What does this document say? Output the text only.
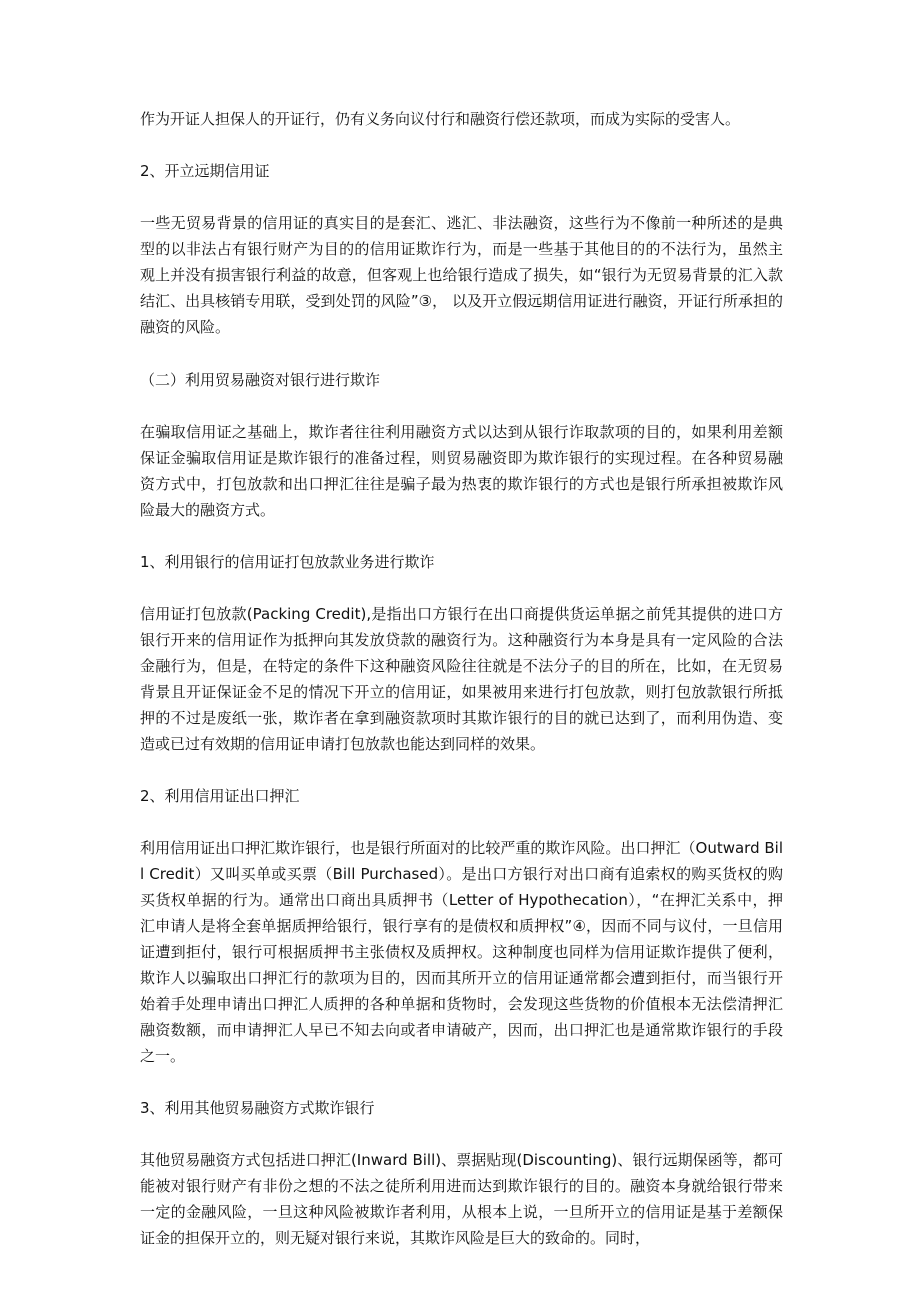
作为开证人担保人的开证行，仍有义务向议付行和融资行偿还款项，而成为实际的受害人。

2、开立远期信用证

一些无贸易背景的信用证的真实目的是套汇、逃汇、非法融资，这些行为不像前一种所述的是典型的以非法占有银行财产为目的的信用证欺诈行为，而是一些基于其他目的的不法行为，虽然主观上并没有损害银行利益的故意，但客观上也给银行造成了损失，如“银行为无贸易背景的汇入款结汇、出具核销专用联，受到处罚的风险”③， 以及开立假远期信用证进行融资，开证行所承担的融资的风险。

（二）利用贸易融资对银行进行欺诈

在骗取信用证之基础上，欺诈者往往利用融资方式以达到从银行诈取款项的目的，如果利用差额保证金骗取信用证是欺诈银行的准备过程，则贸易融资即为欺诈银行的实现过程。在各种贸易融资方式中，打包放款和出口押汇往往是骗子最为热衷的欺诈银行的方式也是银行所承担被欺诈风险最大的融资方式。

1、利用银行的信用证打包放款业务进行欺诈

信用证打包放款(Packing Credit),是指出口方银行在出口商提供货运单据之前凭其提供的进口方银行开来的信用证作为抵押向其发放贷款的融资行为。这种融资行为本身是具有一定风险的合法金融行为，但是，在特定的条件下这种融资风险往往就是不法分子的目的所在，比如，在无贸易背景且开证保证金不足的情况下开立的信用证，如果被用来进行打包放款，则打包放款银行所抵押的不过是废纸一张，欺诈者在拿到融资款项时其欺诈银行的目的就已达到了，而利用伪造、变造或已过有效期的信用证申请打包放款也能达到同样的效果。

2、利用信用证出口押汇

利用信用证出口押汇欺诈银行，也是银行所面对的比较严重的欺诈风险。出口押汇（Outward Bill Credit）又叫买单或买票（Bill Purchased）。是出口方银行对出口商有追索权的购买货权的购买货权单据的行为。通常出口商出具质押书（Letter of Hypothecation），“在押汇关系中，押汇申请人是将全套单据质押给银行，银行享有的是债权和质押权”④，因而不同与议付，一旦信用证遭到拒付，银行可根据质押书主张债权及质押权。这种制度也同样为信用证欺诈提供了便利，欺诈人以骗取出口押汇行的款项为目的，因而其所开立的信用证通常都会遭到拒付，而当银行开始着手处理申请出口押汇人质押的各种单据和货物时，会发现这些货物的价值根本无法偿清押汇融资数额，而申请押汇人早已不知去向或者申请破产，因而，出口押汇也是通常欺诈银行的手段之一。

3、利用其他贸易融资方式欺诈银行

其他贸易融资方式包括进口押汇(Inward Bill)、票据贴现(Discounting)、银行远期保函等，都可能被对银行财产有非份之想的不法之徒所利用进而达到欺诈银行的目的。融资本身就给银行带来一定的金融风险，一旦这种风险被欺诈者利用，从根本上说，一旦所开立的信用证是基于差额保证金的担保开立的，则无疑对银行来说，其欺诈风险是巨大的致命的。同时，
